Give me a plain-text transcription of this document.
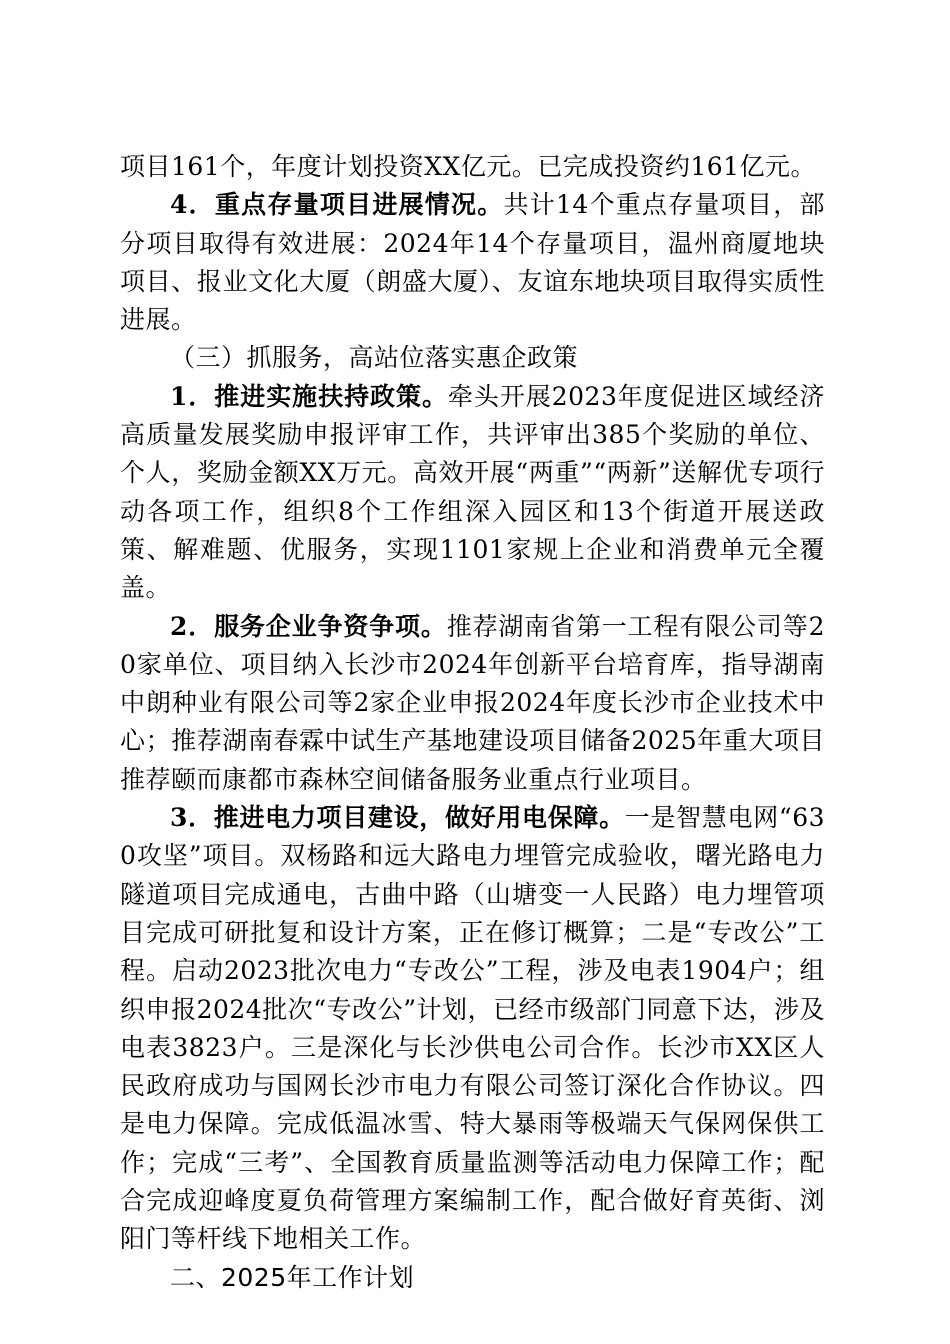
项目161个，年度计划投资XX亿元。已完成投资约161亿元。

4．重点存量项目进展情况。共计14个重点存量项目，部分项目取得有效进展：2024年14个存量项目，温州商厦地块项目、报业文化大厦（朗盛大厦）、友谊东地块项目取得实质性进展。

（三）抓服务，高站位落实惠企政策

1．推进实施扶持政策。牵头开展2023年度促进区域经济高质量发展奖励申报评审工作，共评审出385个奖励的单位、个人，奖励金额XX万元。高效开展“两重”“两新”送解优专项行动各项工作，组织8个工作组深入园区和13个街道开展送政策、解难题、优服务，实现1101家规上企业和消费单元全覆盖。

2．服务企业争资争项。推荐湖南省第一工程有限公司等20家单位、项目纳入长沙市2024年创新平台培育库，指导湖南中朗种业有限公司等2家企业申报2024年度长沙市企业技术中心；推荐湖南春霖中试生产基地建设项目储备2025年重大项目推荐颐而康都市森林空间储备服务业重点行业项目。

3．推进电力项目建设，做好用电保障。一是智慧电网“630攻坚”项目。双杨路和远大路电力埋管完成验收，曙光路电力隧道项目完成通电，古曲中路（山塘变一人民路）电力埋管项目完成可研批复和设计方案，正在修订概算；二是“专改公”工程。启动2023批次电力“专改公”工程，涉及电表1904户；组织申报2024批次“专改公”计划，已经市级部门同意下达，涉及电表3823户。三是深化与长沙供电公司合作。长沙市XX区人民政府成功与国网长沙市电力有限公司签订深化合作协议。四是电力保障。完成低温冰雪、特大暴雨等极端天气保网保供工作；完成“三考”、全国教育质量监测等活动电力保障工作；配合完成迎峰度夏负荷管理方案编制工作，配合做好育英街、浏阳门等杆线下地相关工作。

二、2025年工作计划
